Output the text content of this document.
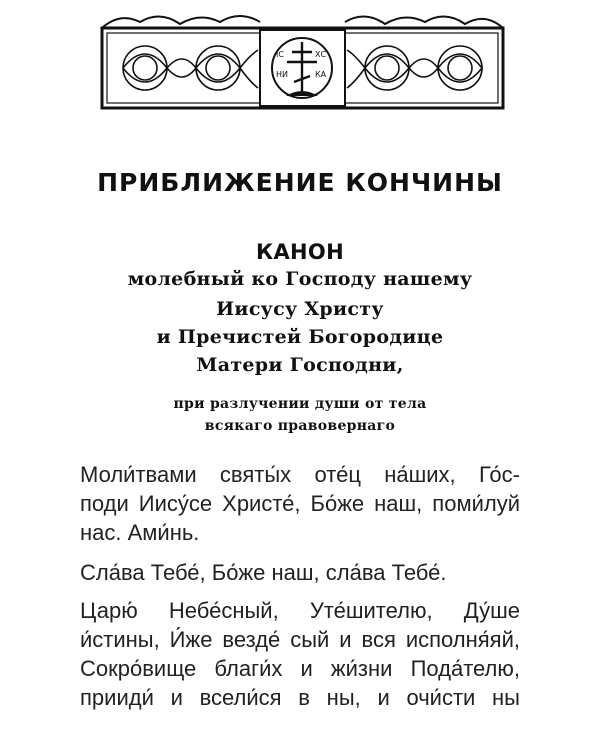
IC	ХС
НИ	КА
ПРИБЛИЖЕНИЕ КОНЧИНЫ
КАНОН
молебный ко Господу нашему
Иисусу Христу
и Пречистей Богородице
Матери Господни,
при разлучении души от тела
всякаго правовернаго
Моли́твами святы́х оте́ц на́ших, Го́с-
поди Иису́се Христе́, Бо́же наш, поми́луй
нас. Ами́нь.
Сла́ва Тебе́, Бо́же наш, сла́ва Тебе́.
Царю́ Небе́сный, Уте́шителю, Ду́ше
и́стины, И́же везде́ сый и вся исполня́яй,
Сокро́вище благи́х и жи́зни Пода́телю,
прииди́ и всели́ся в ны, и очи́сти ны
